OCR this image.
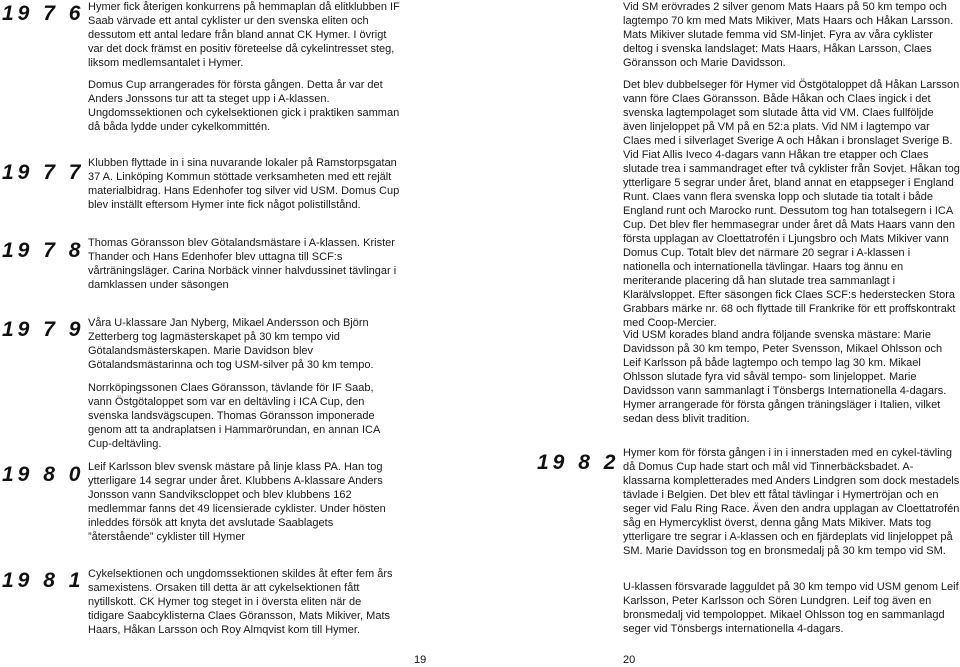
19 7 6
19 7 7
19 7 8
19 7 9
19 8 0
19 8 1

Hymer fick återigen konkurrens på hemmaplan då elitklubben IF Saab värvade ett antal cyklister ur den svenska eliten och dessutom ett antal ledare från bland annat CK Hymer. I övrigt var det dock främst en positiv företeelse då cykelintresset steg, liksom medlemsantalet i Hymer.

Domus Cup arrangerades för första gången. Detta år var det Anders Jonssons tur att ta steget upp i A-klassen. Ungdomssektionen och cykelsektionen gick i praktiken samman då båda lydde under cykelkommittén.

Klubben flyttade in i sina nuvarande lokaler på Ramstorpsgatan 37 A. Linköping Kommun stöttade verksamheten med ett rejält materialbidrag. Hans Edenhofer tog silver vid USM. Domus Cup blev inställt eftersom Hymer inte fick något polistillstånd.

Thomas Göransson blev Götalandsmästare i A-klassen. Krister Thander och Hans Edenhofer blev uttagna till SCF:s vårträningsläger. Carina Norbäck vinner halvdussinet tävlingar i damklassen under säsongen

Våra U-klassare Jan Nyberg, Mikael Andersson och Björn Zetterberg tog lagmästerskapet på 30 km tempo vid Götalandsmästerskapen. Marie Davidson blev Götalandsmästarinna och tog USM-silver på 30 km tempo.

Norrköpingssonen Claes Göransson, tävlande för IF Saab, vann Östgötaloppet som var en deltävling i ICA Cup, den svenska landsvägscupen. Thomas Göransson imponerade genom att ta andraplatsen i Hammarörundan, en annan ICA Cup-deltävling.

Leif Karlsson blev svensk mästare på linje klass PA. Han tog ytterligare 14 segrar under året. Klubbens A-klassare Anders Jonsson vann Sandvikscloppet och blev klubbens 162 medlemmar fanns det 49 licensierade cyklister. Under hösten inleddes försök att knyta det avslutade Saablagets ”återstående” cyklister till Hymer

Cykelsektionen och ungdomssektionen skildes åt efter fem års samexistens. Orsaken till detta är att cykelsektionen fått nytillskott. CK Hymer tog steget in i översta eliten när de tidigare Saabcyklisterna Claes Göransson, Mats Mikiver, Mats Haars, Håkan Larsson och Roy Almqvist kom till Hymer.

19
19 8 2

Vid SM erövrades 2 silver genom Mats Haars på 50 km tempo och lagtempo 70 km med Mats Mikiver, Mats Haars och Håkan Larsson. Mats Mikiver slutade femma vid SM-linjet. Fyra av våra cyklister deltog i svenska landslaget: Mats Haars, Håkan Larsson, Claes Göransson och Marie Davidsson.

Det blev dubbelseger för Hymer vid Östgötaloppet då Håkan Larsson vann före Claes Göransson. Både Håkan och Claes ingick i det svenska lagtempolaget som slutade åtta vid VM. Claes fullföljde även linjeloppet på VM på en 52:a plats. Vid NM i lagtempo var Claes med i silverlaget Sverige A och Håkan i bronslaget Sverige B. Vid Fiat Allis Iveco 4-dagars vann Håkan tre etapper och Claes slutade trea i sammandraget efter två cyklister från Sovjet. Håkan tog ytterligare 5 segrar under året, bland annat en etappseger i England Runt. Claes vann flera svenska lopp och slutade tia totalt i både England runt och Marocko runt. Dessutom tog han totalsegern i ICA Cup. Det blev fler hemmasegrar under året då Mats Haars vann den första upplagan av Cloettatrofén i Ljungsbro och Mats Mikiver vann Domus Cup. Totalt blev det närmare 20 segrar i A-klassen i nationella och internationella tävlingar. Haars tog ännu en meriterande placering då han slutade trea sammanlagt i Klarälvsloppet. Efter säsongen fick Claes SCF:s hederstecken Stora Grabbars märke nr. 68 och flyttade till Frankrike för ett proffskontrakt med Coop-Mercier.

Vid USM korades bland andra följande svenska mästare: Marie Davidsson på 30 km tempo, Peter Svensson, Mikael Ohlsson och Leif Karlsson på både lagtempo och tempo lag 30 km. Mikael Ohlsson slutade fyra vid såväl tempo- som linjeloppet. Marie Davidsson vann sammanlagt i Tönsbergs Internationella 4-dagars. Hymer arrangerade för första gången träningsläger i Italien, vilket sedan dess blivit tradition.

Hymer kom för första gången i in i innerstaden med en cykel-tävling då Domus Cup hade start och mål vid Tinnerbäcksbadet. A-klassarna kompletterades med Anders Lindgren som dock mestadels tävlade i Belgien. Det blev ett fåtal tävlingar i Hymertröjan och en seger vid Falu Ring Race. Även den andra upplagan av Cloettatrofén såg en Hymercyklist överst, denna gång Mats Mikiver. Mats tog ytterligare tre segrar i A-klassen och en fjärdeplats vid linjeloppet på SM. Marie Davidsson tog en bronsmedalj på 30 km tempo vid SM.

U-klassen försvarade lagguldet på 30 km tempo vid USM genom Leif Karlsson, Peter Karlsson och Sören Lundgren. Leif tog även en bronsmedalj vid tempoloppet. Mikael Ohlsson tog en sammanlagd seger vid Tönsbergs internationella 4-dagars.

20
